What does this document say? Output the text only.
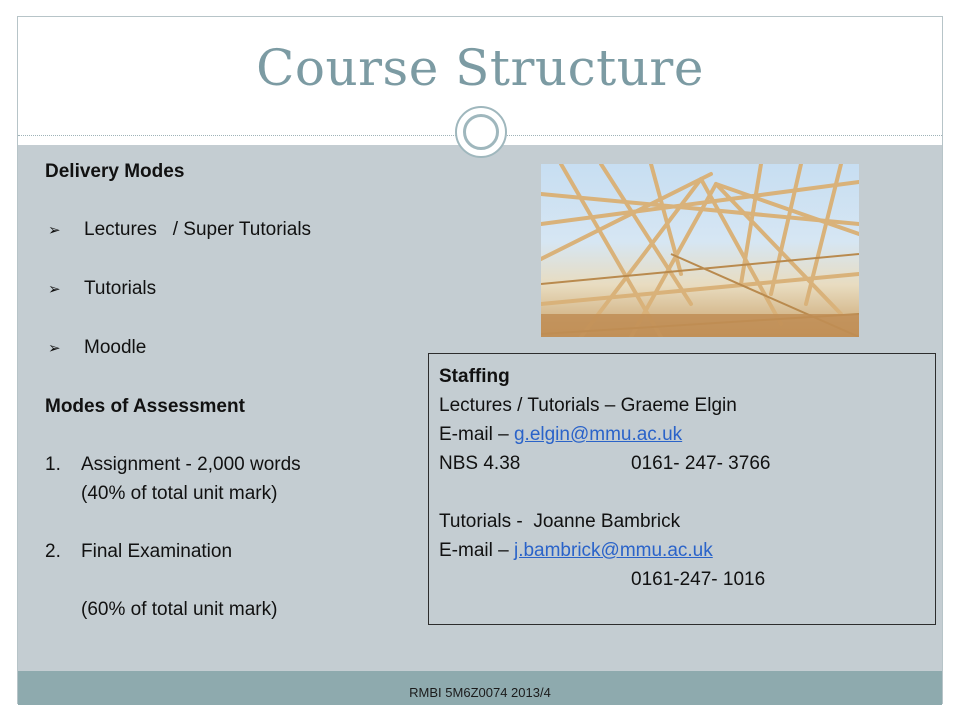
Course Structure
Delivery Modes
➢	Lectures   / Super Tutorials
➢	Tutorials
➢	Moodle
Modes of Assessment
1.	Assignment - 2,000 words
(40% of total unit mark)
2.	Final Examination
(60% of total unit mark)
Staffing
Lectures / Tutorials – Graeme Elgin
E-mail – g.elgin@mmu.ac.uk
NBS 4.38	0161- 247- 3766
Tutorials -  Joanne Bambrick
E-mail – j.bambrick@mmu.ac.uk
0161-247- 1016
RMBI 5M6Z0074 2013/4
